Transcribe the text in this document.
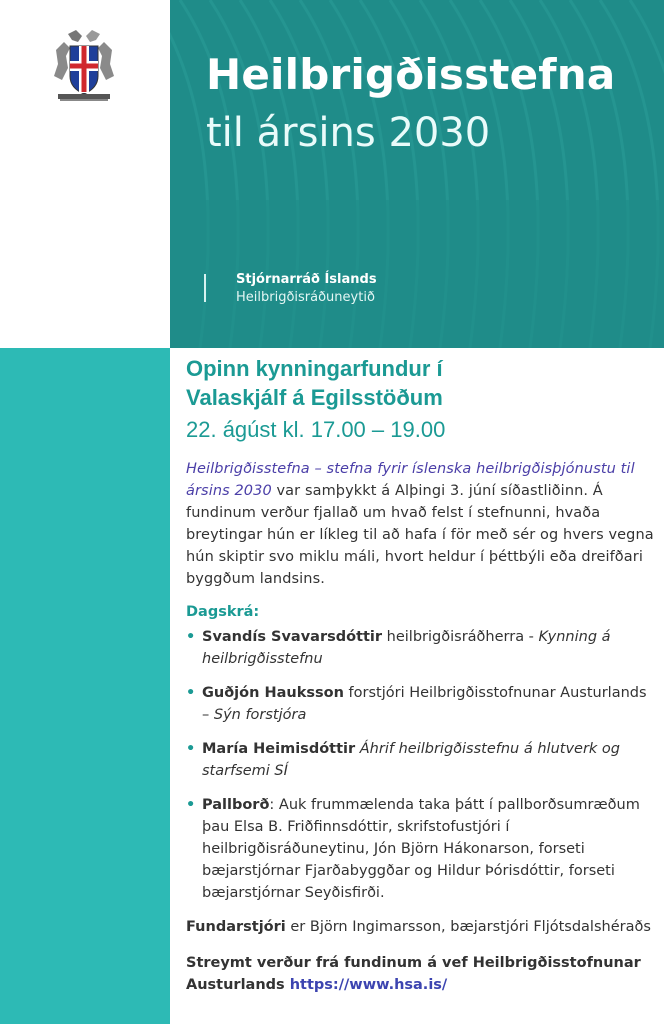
Heilbrigðisstefna
til ársins 2030
Stjórnarráð Íslands
Heilbrigðisráðuneytið
Opinn kynningarfundur í
Valaskjálf á Egilsstöðum

22. ágúst kl. 17.00 – 19.00

Heilbrigðisstefna – stefna fyrir íslenska heilbrigðisþjónustu til ársins 2030 var samþykkt á Alþingi 3. júní síðastliðinn. Á fundinum verður fjallað um hvað felst í stefnunni, hvaða breytingar hún er líkleg til að hafa í för með sér og hvers vegna hún skiptir svo miklu máli, hvort heldur í þéttbýli eða dreifðari byggðum landsins.

Dagskrá:
• Svandís Svavarsdóttir heilbrigðisráðherra - Kynning á heilbrigðisstefnu
• Guðjón Hauksson forstjóri Heilbrigðisstofnunar Austurlands – Sýn forstjóra
• María Heimisdóttir Áhrif heilbrigðisstefnu á hlutverk og starfsemi SÍ
• Pallborð: Auk frummælenda taka þátt í pallborðsumræðum þau Elsa B. Friðfinnsdóttir, skrifstofustjóri í heilbrigðisráðuneytinu, Jón Björn Hákonarson, forseti bæjarstjórnar Fjarðabyggðar og Hildur Þórisdóttir, forseti bæjarstjórnar Seyðisfirði.

Fundarstjóri er Björn Ingimarsson, bæjarstjóri Fljótsdalshéraðs

Streymt verður frá fundinum á vef Heilbrigðisstofnunar Austurlands https://www.hsa.is/
